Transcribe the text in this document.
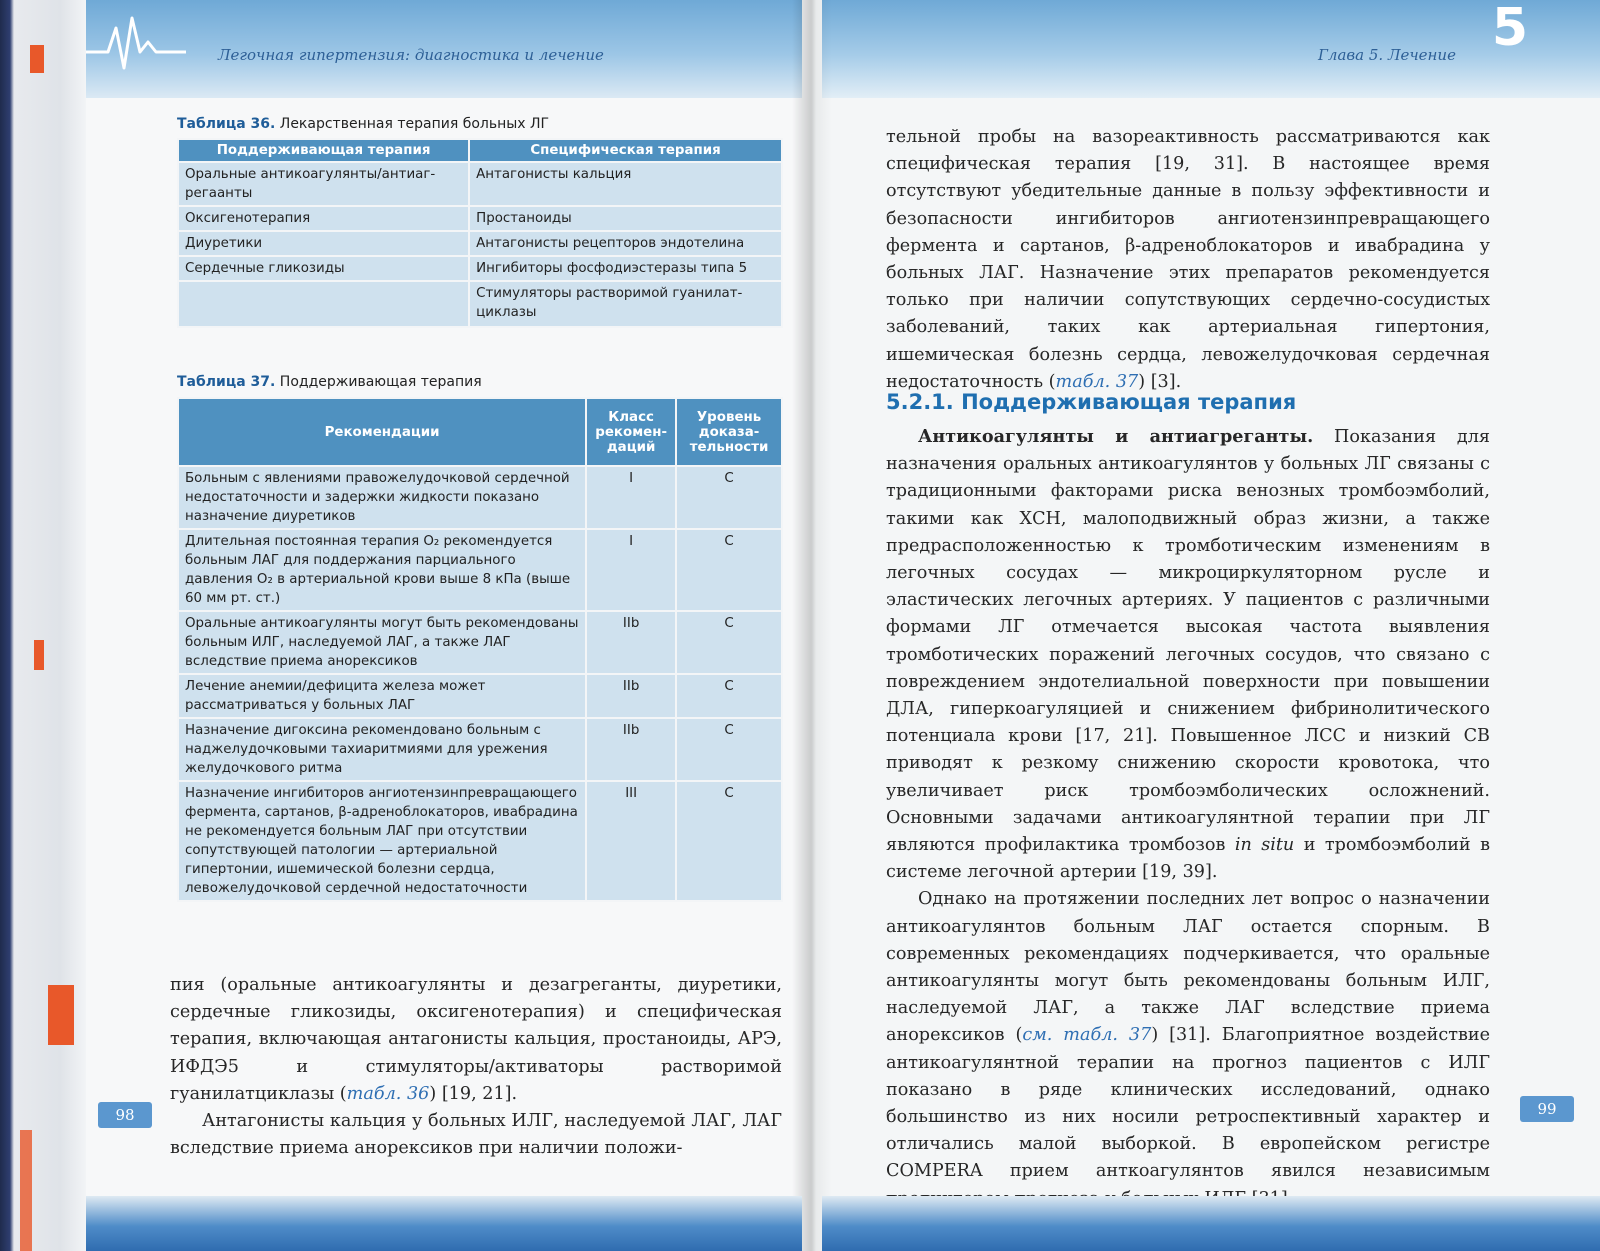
Легочная гипертензия: диагностика и лечение	Глава 5. Лечение 5
Таблица 36. Лекарственная терапия больных ЛГ
Поддерживающая терапия	Специфическая терапия
Оральные антикоагулянты/антиаг-регаанты	Антагонисты кальция
Оксигенотерапия	Простаноиды
Диуретики	Антагонисты рецепторов эндотелина
Сердечные гликозиды	Ингибиторы фосфодиэстеразы типа 5
	Стимуляторы растворимой гуанилат-циклазы
Таблица 37. Поддерживающая терапия
Рекомендации	Класс рекомен-даций	Уровень доказа-тельности
Больным с явлениями правожелудочковой сердечной недостаточности и задержки жидкости показано назначение диуретиков	I	C
Длительная постоянная терапия O₂ рекомендуется больным ЛАГ для поддержания парциального давления O₂ в артериальной крови выше 8 кПа (выше 60 мм рт. ст.)	I	C
Оральные антикоагулянты могут быть рекомендованы больным ИЛГ, наследуемой ЛАГ, а также ЛАГ вследствие приема анорексиков	IIb	C
Лечение анемии/дефицита железа может рассматриваться у больных ЛАГ	IIb	C
Назначение дигоксина рекомендовано больным с наджелудочковыми тахиаритмиями для урежения желудочкового ритма	IIb	C
Назначение ингибиторов ангиотензинпревращающего фермента, сартанов, β-адреноблокаторов, ивабрадина не рекомендуется больным ЛАГ при отсутствии сопутствующей патологии — артериальной гипертонии, ишемической болезни сердца, левожелудочковой сердечной недостаточности	III	C

пия (оральные антикоагулянты и дезагреганты, диуретики, сердечные гликозиды, оксигенотерапия) и специфическая терапия, включающая антагонисты кальция, простаноиды, АРЭ, ИФДЭ5 и стимуляторы/активаторы растворимой гуанилатциклазы (табл. 36) [19, 21].

Антагонисты кальция у больных ИЛГ, наследуемой ЛАГ, ЛАГ вследствие приема анорексиков при наличии положи-

тельной пробы на вазореактивность рассматриваются как специфическая терапия [19, 31]. В настоящее время отсутствуют убедительные данные в пользу эффективности и безопасности ингибиторов ангиотензинпревращающего фермента и сартанов, β-адреноблокаторов и ивабрадина у больных ЛАГ. Назначение этих препаратов рекомендуется только при наличии сопутствующих сердечно-сосудистых заболеваний, таких как артериальная гипертония, ишемическая болезнь сердца, левожелудочковая сердечная недостаточность (табл. 37) [3].

5.2.1. Поддерживающая терапия

Антикоагулянты и антиагреганты. Показания для назначения оральных антикоагулянтов у больных ЛГ связаны с традиционными факторами риска венозных тромбоэмболий, такими как ХСН, малоподвижный образ жизни, а также предрасположенностью к тромботическим изменениям в легочных сосудах — микроциркуляторном русле и эластических легочных артериях. У пациентов с различными формами ЛГ отмечается высокая частота выявления тромботических поражений легочных сосудов, что связано с повреждением эндотелиальной поверхности при повышении ДЛА, гиперкоагуляцией и снижением фибринолитического потенциала крови [17, 21]. Повышенное ЛСС и низкий СВ приводят к резкому снижению скорости кровотока, что увеличивает риск тромбоэмболических осложнений. Основными задачами антикоагулянтной терапии при ЛГ являются профилактика тромбозов in situ и тромбоэмболий в системе легочной артерии [19, 39].

Однако на протяжении последних лет вопрос о назначении антикоагулянтов больным ЛАГ остается спорным. В современных рекомендациях подчеркивается, что оральные антикоагулянты могут быть рекомендованы больным ИЛГ, наследуемой ЛАГ, а также ЛАГ вследствие приема анорексиков (см. табл. 37) [31]. Благоприятное воздействие антикоагулянтной терапии на прогноз пациентов с ИЛГ показано в ряде клинических исследований, однако большинство из них носили ретроспективный характер и отличались малой выборкой. В европейском регистре COMPERA прием анткоагулянтов явился независимым

98	99
